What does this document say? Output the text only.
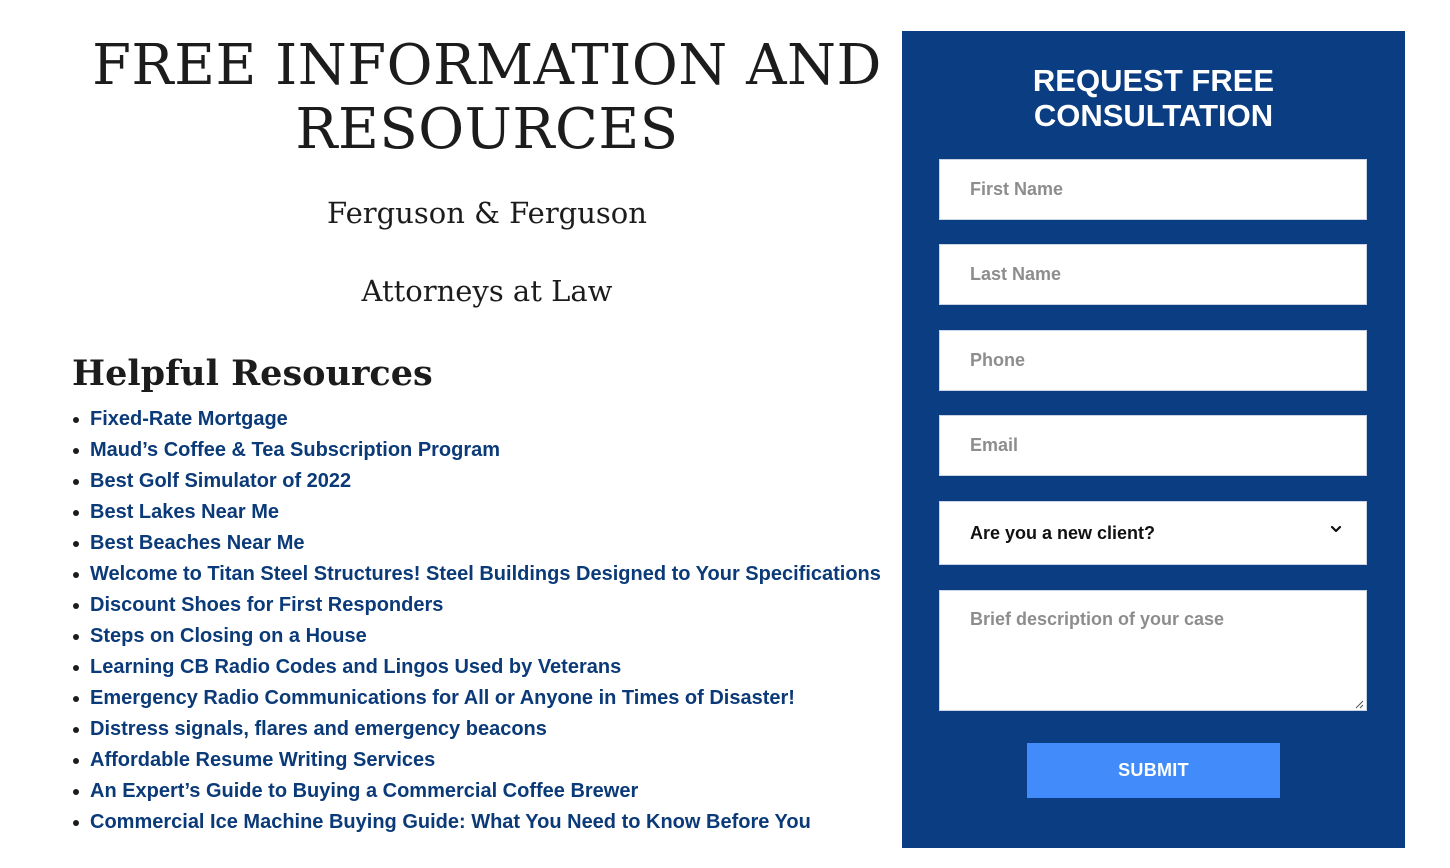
FREE INFORMATION AND
RESOURCES
Ferguson & Ferguson
Attorneys at Law
Helpful Resources
Fixed-Rate Mortgage
Maud’s Coffee & Tea Subscription Program
Best Golf Simulator of 2022
Best Lakes Near Me
Best Beaches Near Me
Welcome to Titan Steel Structures! Steel Buildings Designed to Your Specifications
Discount Shoes for First Responders
Steps on Closing on a House
Learning CB Radio Codes and Lingos Used by Veterans
Emergency Radio Communications for All or Anyone in Times of Disaster!
Distress signals, flares and emergency beacons
Affordable Resume Writing Services
An Expert’s Guide to Buying a Commercial Coffee Brewer
Commercial Ice Machine Buying Guide: What You Need to Know Before You
REQUEST FREE
CONSULTATION
First Name
Last Name
Phone
Email
Are you a new client?
Brief description of your case
SUBMIT
